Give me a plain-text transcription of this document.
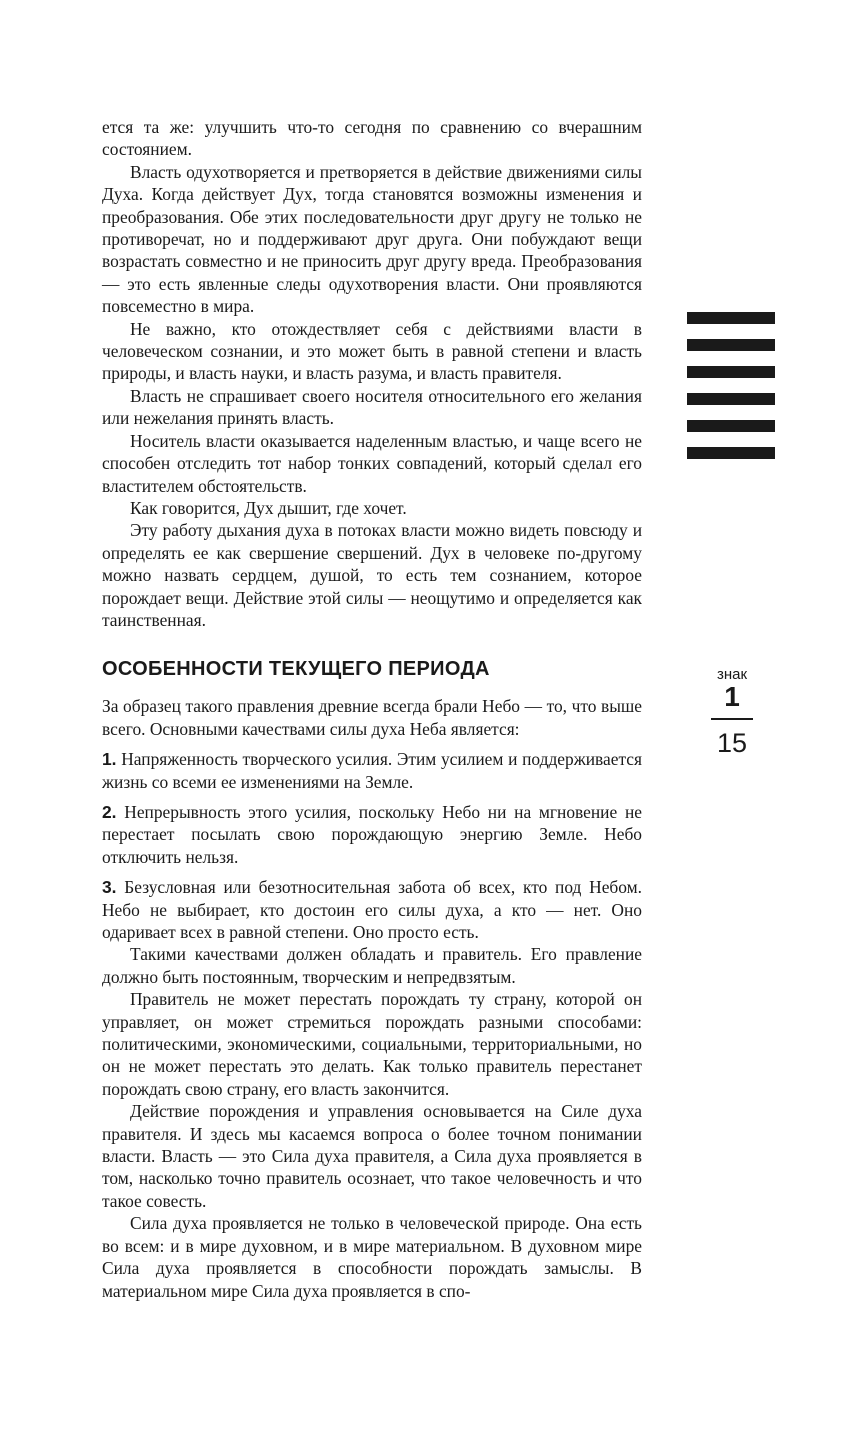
ется та же: улучшить что-то сегодня по сравнению со вчерашним состоянием.

Власть одухотворяется и претворяется в действие движениями силы Духа. Когда действует Дух, тогда становятся возможны изменения и преобразования. Обе этих последовательности друг другу не только не противоречат, но и поддерживают друг друга. Они побуждают вещи возрастать совместно и не приносить друг другу вреда. Преобразования — это есть явленные следы одухотворения власти. Они проявляются повсеместно в мира.

Не важно, кто отождествляет себя с действиями власти в человеческом сознании, и это может быть в равной степени и власть природы, и власть науки, и власть разума, и власть правителя.

Власть не спрашивает своего носителя относительного его желания или нежелания принять власть.

Носитель власти оказывается наделенным властью, и чаще всего не способен отследить тот набор тонких совпадений, который сделал его властителем обстоятельств.

Как говорится, Дух дышит, где хочет.

Эту работу дыхания духа в потоках власти можно видеть повсюду и определять ее как свершение свершений. Дух в человеке по-другому можно назвать сердцем, душой, то есть тем сознанием, которое порождает вещи. Действие этой силы — неощутимо и определяется как таинственная.

ОСОБЕННОСТИ ТЕКУЩЕГО ПЕРИОДА

За образец такого правления древние всегда брали Небо — то, что выше всего. Основными качествами силы духа Неба является:

1. Напряженность творческого усилия. Этим усилием и поддерживается жизнь со всеми ее изменениями на Земле.

2. Непрерывность этого усилия, поскольку Небо ни на мгновение не перестает посылать свою порождающую энергию Земле. Небо отключить нельзя.

3. Безусловная или безотносительная забота об всех, кто под Небом. Небо не выбирает, кто достоин его силы духа, а кто — нет. Оно одаривает всех в равной степени. Оно просто есть.

Такими качествами должен обладать и правитель. Его правление должно быть постоянным, творческим и непредвзятым.

Правитель не может перестать порождать ту страну, которой он управляет, он может стремиться порождать разными способами: политическими, экономическими, социальными, территориальными, но он не может перестать это делать. Как только правитель перестанет порождать свою страну, его власть закончится.

Действие порождения и управления основывается на Силе духа правителя. И здесь мы касаемся вопроса о более точном понимании власти. Власть — это Сила духа правителя, а Сила духа проявляется в том, насколько точно правитель осознает, что такое человечность и что такое совесть.

Сила духа проявляется не только в человеческой природе. Она есть во всем: и в мире духовном, и в мире материальном. В духовном мире Сила духа проявляется в способности порождать замыслы. В материальном мире Сила духа проявляется в спо-

знак
1
15
